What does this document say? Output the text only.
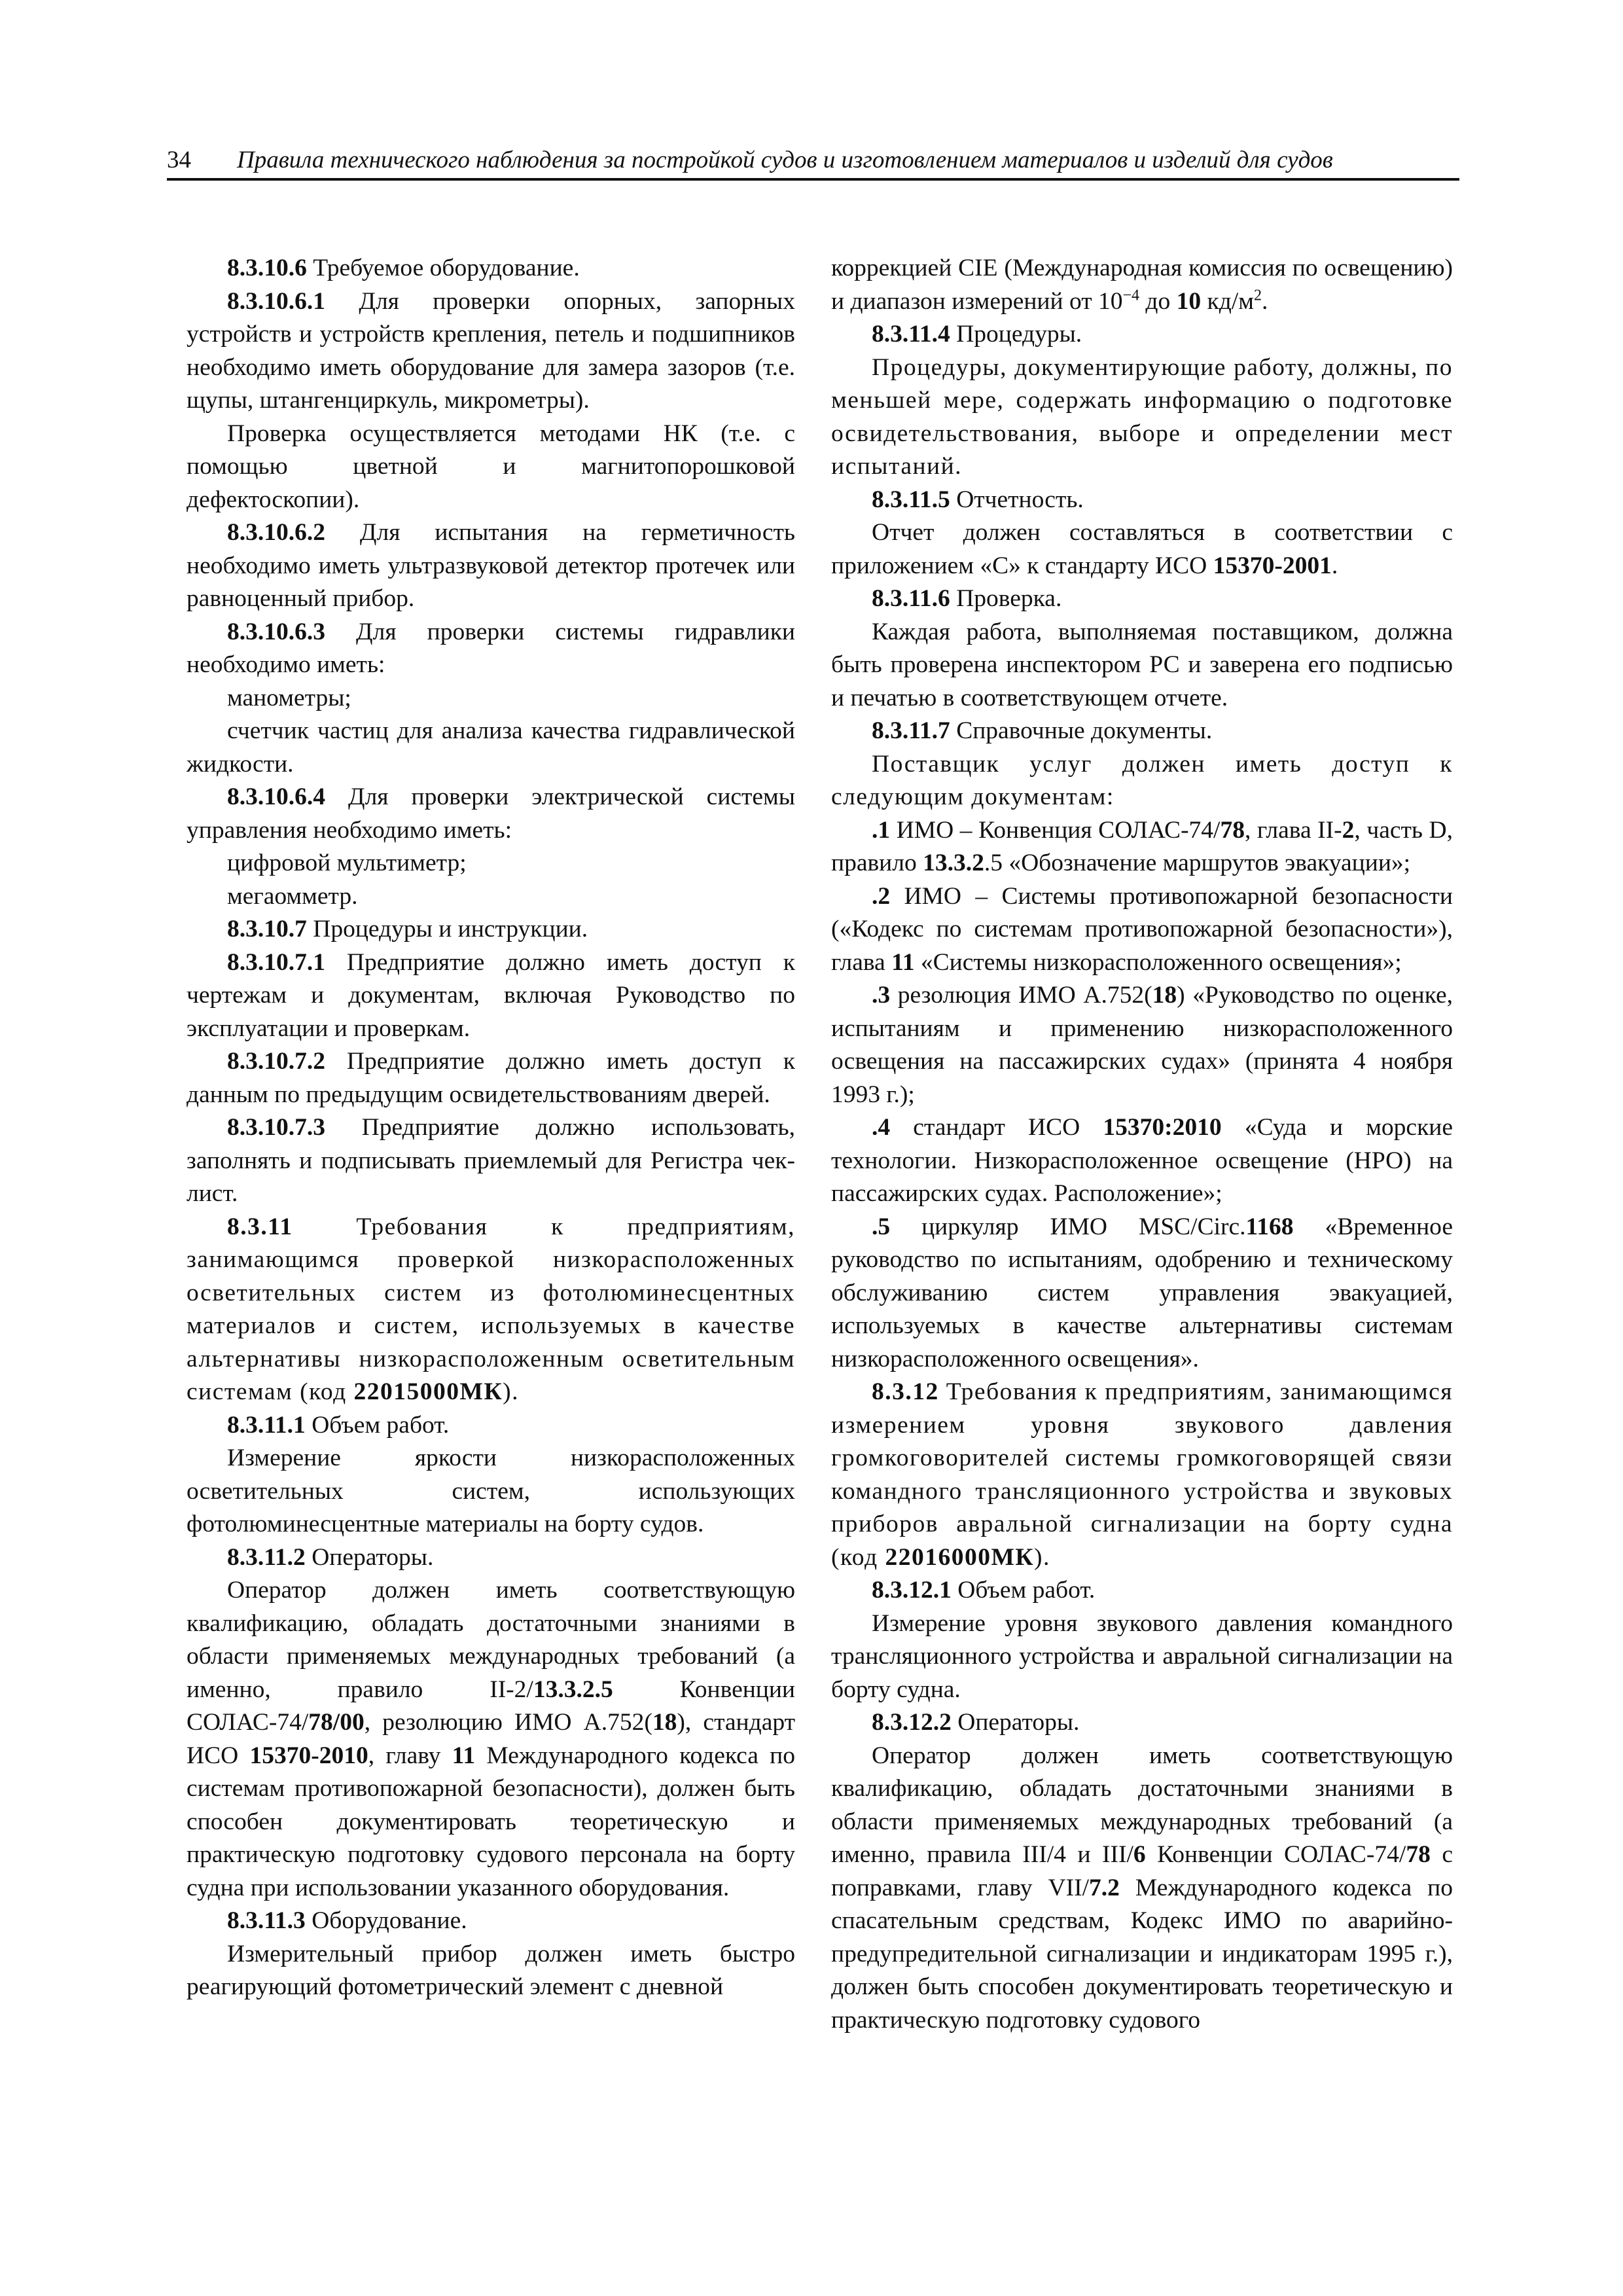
34 Правила технического наблюдения за постройкой судов и изготовлением материалов и изделий для судов

8.3.10.6 Требуемое оборудование.

8.3.10.6.1 Для проверки опорных, запорных устройств и устройств крепления, петель и подшипников необходимо иметь оборудование для замера зазоров (т.е. щупы, штангенциркуль, микрометры).

Проверка осуществляется методами НК (т.е. с помощью цветной и магнитопорошковой дефектоскопии).

8.3.10.6.2 Для испытания на герметичность необходимо иметь ультразвуковой детектор протечек или равноценный прибор.

8.3.10.6.3 Для проверки системы гидравлики необходимо иметь:

манометры;

счетчик частиц для анализа качества гидравлической жидкости.

8.3.10.6.4 Для проверки электрической системы управления необходимо иметь:

цифровой мультиметр;

мегаомметр.

8.3.10.7 Процедуры и инструкции.

8.3.10.7.1 Предприятие должно иметь доступ к чертежам и документам, включая Руководство по эксплуатации и проверкам.

8.3.10.7.2 Предприятие должно иметь доступ к данным по предыдущим освидетельствованиям дверей.

8.3.10.7.3 Предприятие должно использовать, заполнять и подписывать приемлемый для Регистра чек-лист.

8.3.11 Требования к предприятиям, занимающимся проверкой низкорасположенных осветительных систем из фотолюминесцентных материалов и систем, используемых в качестве альтернативы низкорасположенным осветительным системам (код 22015000МК).

8.3.11.1 Объем работ.

Измерение яркости низкорасположенных осветительных систем, использующих фотолюминесцентные материалы на борту судов.

8.3.11.2 Операторы.

Оператор должен иметь соответствующую квалификацию, обладать достаточными знаниями в области применяемых международных требований (а именно, правило II-2/13.3.2.5 Конвенции СОЛАС-74/78/00, резолюцию ИМО А.752(18), стандарт ИСО 15370-2010, главу 11 Международного кодекса по системам противопожарной безопасности), должен быть способен документировать теоретическую и практическую подготовку судового персонала на борту судна при использовании указанного оборудования.

8.3.11.3 Оборудование.

Измерительный прибор должен иметь быстро реагирующий фотометрический элемент с дневной

коррекцией CIE (Международная комиссия по освещению) и диапазон измерений от $10^{-4}$ до 10 $кд/м^2$.

8.3.11.4 Процедуры.

Процедуры, документирующие работу, должны, по меньшей мере, содержать информацию о подготовке освидетельствования, выборе и определении мест испытаний.

8.3.11.5 Отчетность.

Отчет должен составляться в соответствии с приложением «С» к стандарту ИСО 15370-2001.

8.3.11.6 Проверка.

Каждая работа, выполняемая поставщиком, должна быть проверена инспектором РС и заверена его подписью и печатью в соответствующем отчете.

8.3.11.7 Справочные документы.

Поставщик услуг должен иметь доступ к следующим документам:

.1 ИМО – Конвенция СОЛАС-74/78, глава II-2, часть D, правило 13.3.2.5 «Обозначение маршрутов эвакуации»;

.2 ИМО – Системы противопожарной безопасности («Кодекс по системам противопожарной безопасности»), глава 11 «Системы низкорасположенного освещения»;

.3 резолюция ИМО А.752(18) «Руководство по оценке, испытаниям и применению низкорасположенного освещения на пассажирских судах» (принята 4 ноября 1993 г.);

.4 стандарт ИСО 15370:2010 «Суда и морские технологии. Низкорасположенное освещение (НРО) на пассажирских судах. Расположение»;

.5 циркуляр ИМО MSC/Circ.1168 «Временное руководство по испытаниям, одобрению и техническому обслуживанию систем управления эвакуацией, используемых в качестве альтернативы системам низкорасположенного освещения».

8.3.12 Требования к предприятиям, занимающимся измерением уровня звукового давления громкоговорителей системы громкоговорящей связи командного трансляционного устройства и звуковых приборов авральной сигнализации на борту судна (код 22016000МК).

8.3.12.1 Объем работ.

Измерение уровня звукового давления командного трансляционного устройства и авральной сигнализации на борту судна.

8.3.12.2 Операторы.

Оператор должен иметь соответствующую квалификацию, обладать достаточными знаниями в области применяемых международных требований (а именно, правила III/4 и III/6 Конвенции СОЛАС-74/78 с поправками, главу VII/7.2 Международного кодекса по спасательным средствам, Кодекс ИМО по аварийно-предупредительной сигнализации и индикаторам 1995 г.), должен быть способен документировать теоретическую и практическую подготовку судового
